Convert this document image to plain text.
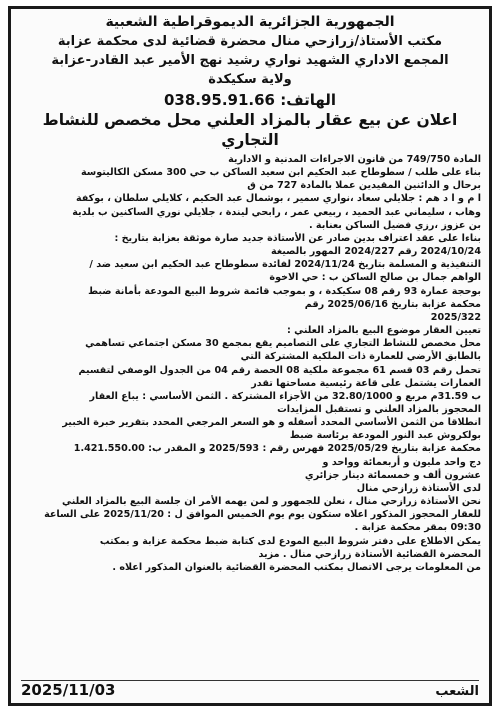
الجمهورية الجزائرية الديموقراطية الشعبية
مكتب الأستاذ/زرازحي منال محضرة قضائية لدى محكمة عزابة
المجمع الاداري الشهيد نواري رشيد نهج الأمير عبد القادر-عزابة
ولاية سكيكدة
الهاتف: 038.95.91.66
اعلان عن بيع عقار بالمزاد العلني محل مخصص للنشاط التجاري

المادة 749/750 من قانون الاجراءات المدنية و الادارية

بناء على طلب / سطوطاح عبد الحكيم ابن سعيد الساكن ب حي 300 مسكن الكاليتوسة

برحال و الدائنين المقيدين عملا بالمادة 727 من ق

ا م و ا د هم : جلايلي سعاد ،نواري سمير ، بوشمال عبد الحكيم ، كلايلي سلطان ، بوكفة

وهاب ، سليماني عبد الحميد ، ربيعي عمر ، رابحي ليندة ، جلايلي نوري الساكنين ب بلدية

بن عزوز ،رزي فضيل الساكن بعنابة .

بناءا على عقد اعتراف بدين صادر عن الأستاذة جديد صارة موثقة بعزابة بتاريخ :

2024/10/24 رقم 2024/227 المهور بالصيغة

التنفيذية و المسلمة بتاريخ 2024/11/24 لفائدة سطوطاح عبد الحكيم ابن سعيد ضد /

الواهم جمال بن صالح الساكن ب : حي الاخوة

بوحجة عمارة 93 رقم 08 سكيكدة ، و بموجب قائمة شروط البيع المودعة بأمانة ضبط

محكمة عزابة بتاريخ 2025/06/16 رقم

2025/322

تعيين العقار موضوع البيع بالمزاد العلني :

محل مخصص للنشاط التجاري على التصاميم يقع بمجمع 30 مسكن اجتماعي تساهمي

بالطابق الأرضي للعمارة ذات الملكية المشتركة التي

تحمل رقم 03 قسم 61 مجموعة ملكية 08 الحصة رقم 04 من الجدول الوصفي لتقسيم

العمارات يشتمل على قاعة رئيسية مساحتها تقدر

ب 31.59م مربع و 32.80/1000 من الأجزاء المشتركة . الثمن الأساسي : يباع العقار

المحجوز بالمزاد العلني و تستقبل المزايدات

انطلاقا من الثمن الأساسي المحدد أسفله و هو السعر المرجعي المحدد بتقرير خبرة الخبير

بولكروش عبد النور المودعة برئاسة ضبط

محكمة عزابة بتاريخ 2025/05/29 فهرس رقم : 2025/593 و المقدر ب: 1.421.550.00

دج واحد مليون و أربعمائة وواحد و

عشرون ألف و خمسمائة دينار جزائري

لدى الأستاذة زرازحي منال

نحن الأستاذة زرازحي منال ، نعلن للجمهور و لمن يهمه الأمر ان جلسة البيع بالمزاد العلني

للعقار المحجوز المذكور اعلاه ستكون يوم يوم الخميس الموافق ل : 2025/11/20 على الساعة

09:30 بمقر محكمة عزابة .

يمكن الاطلاع على دفتر شروط البيع المودع لدى كتابة ضبط محكمة عزابة و بمكتب

المحضرة القضائية الأستاذة زرازحي منال . مزيد

من المعلومات يرجى الاتصال بمكتب المحضرة القضائية بالعنوان المذكور اعلاه .

الشعب
2025/11/03
